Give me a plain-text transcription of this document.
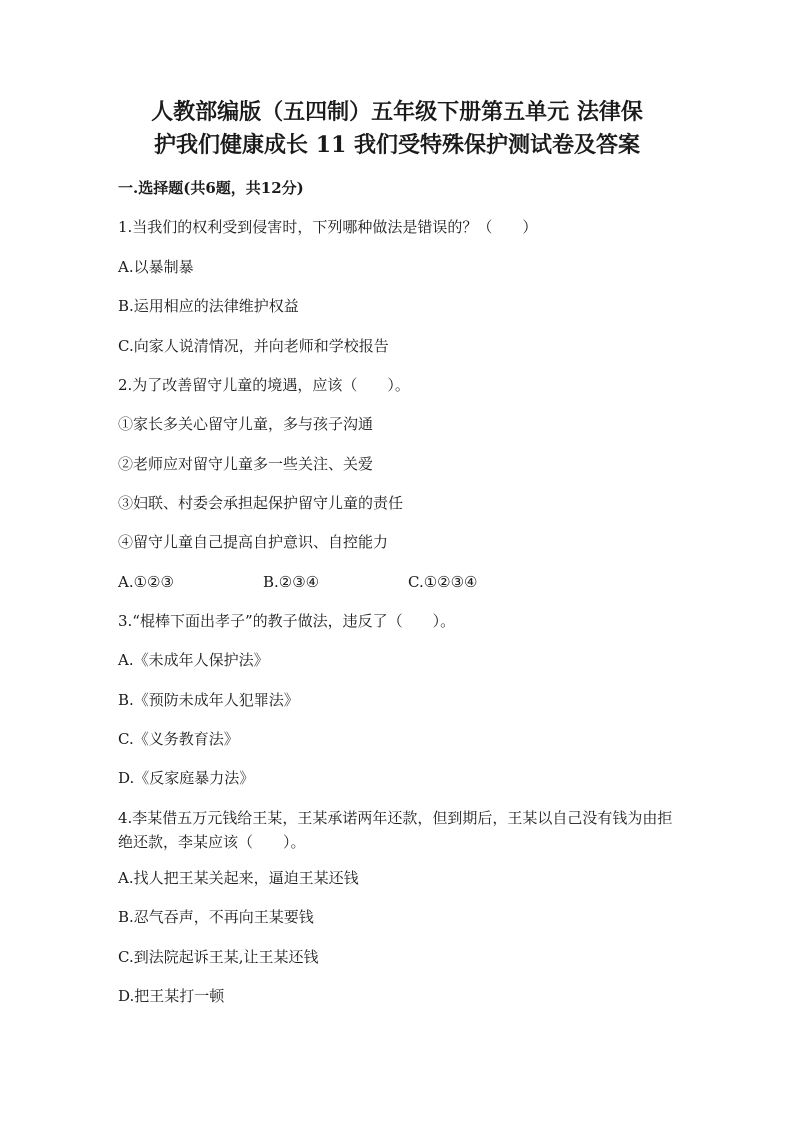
人教部编版（五四制）五年级下册第五单元 法律保
护我们健康成长 11 我们受特殊保护测试卷及答案
一.选择题(共6题，共12分)
1.当我们的权利受到侵害时，下列哪种做法是错误的？（　　）
A.以暴制暴
B.运用相应的法律维护权益
C.向家人说清情况，并向老师和学校报告
2.为了改善留守儿童的境遇，应该（　　）。
①家长多关心留守儿童，多与孩子沟通
②老师应对留守儿童多一些关注、关爱
③妇联、村委会承担起保护留守儿童的责任
④留守儿童自己提高自护意识、自控能力
A.①②③	B.②③④	C.①②③④
3.“棍棒下面出孝子”的教子做法，违反了（　　）。
A.《未成年人保护法》
B.《预防未成年人犯罪法》
C.《义务教育法》
D.《反家庭暴力法》
4.李某借五万元钱给王某，王某承诺两年还款，但到期后，王某以自己没有钱为由拒绝还款，李某应该（　　）。
A.找人把王某关起来，逼迫王某还钱
B.忍气吞声，不再向王某要钱
C.到法院起诉王某,让王某还钱
D.把王某打一顿
